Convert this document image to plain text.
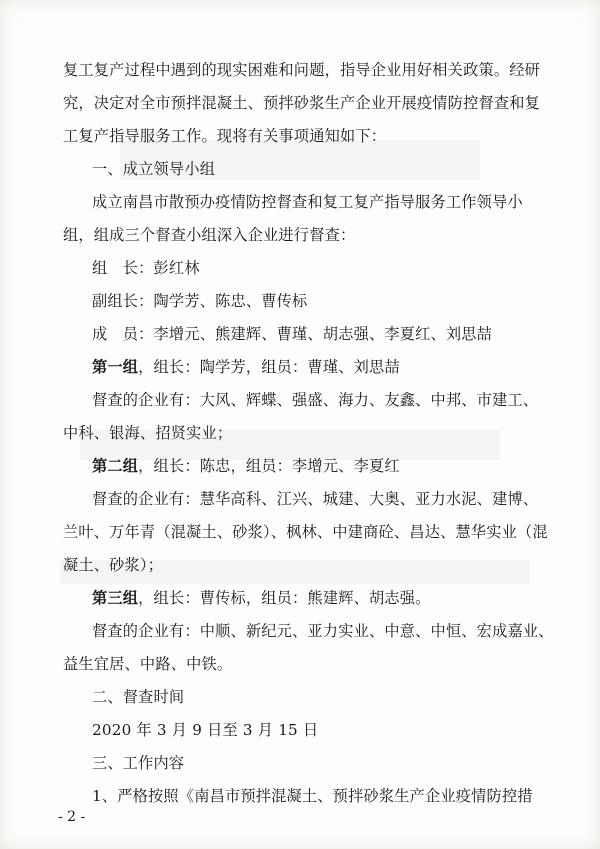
复工复产过程中遇到的现实困难和问题，指导企业用好相关政策。经研
究，决定对全市预拌混凝土、预拌砂浆生产企业开展疫情防控督查和复
工复产指导服务工作。现将有关事项通知如下：
一、成立领导小组
成立南昌市散预办疫情防控督查和复工复产指导服务工作领导小
组，组成三个督查小组深入企业进行督查：
组　长：彭红林
副组长：陶学芳、陈忠、曹传标
成　员：李增元、熊建辉、曹瑾、胡志强、李夏红、刘思喆
第一组，组长：陶学芳，组员：曹瑾、刘思喆
督查的企业有：大风、辉蝶、强盛、海力、友鑫、中邦、市建工、
中科、银海、招贤实业；
第二组，组长：陈忠，组员：李增元、李夏红
督查的企业有：慧华高科、江兴、城建、大奥、亚力水泥、建博、
兰叶、万年青（混凝土、砂浆）、枫林、中建商砼、昌达、慧华实业（混
凝土、砂浆）；
第三组，组长：曹传标，组员：熊建辉、胡志强。
督查的企业有：中顺、新纪元、亚力实业、中意、中恒、宏成嘉业、
益生宜居、中路、中铁。
二、督查时间
2020 年 3 月 9 日至 3 月 15 日
三、工作内容
1、严格按照《南昌市预拌混凝土、预拌砂浆生产企业疫情防控措
- 2 -
